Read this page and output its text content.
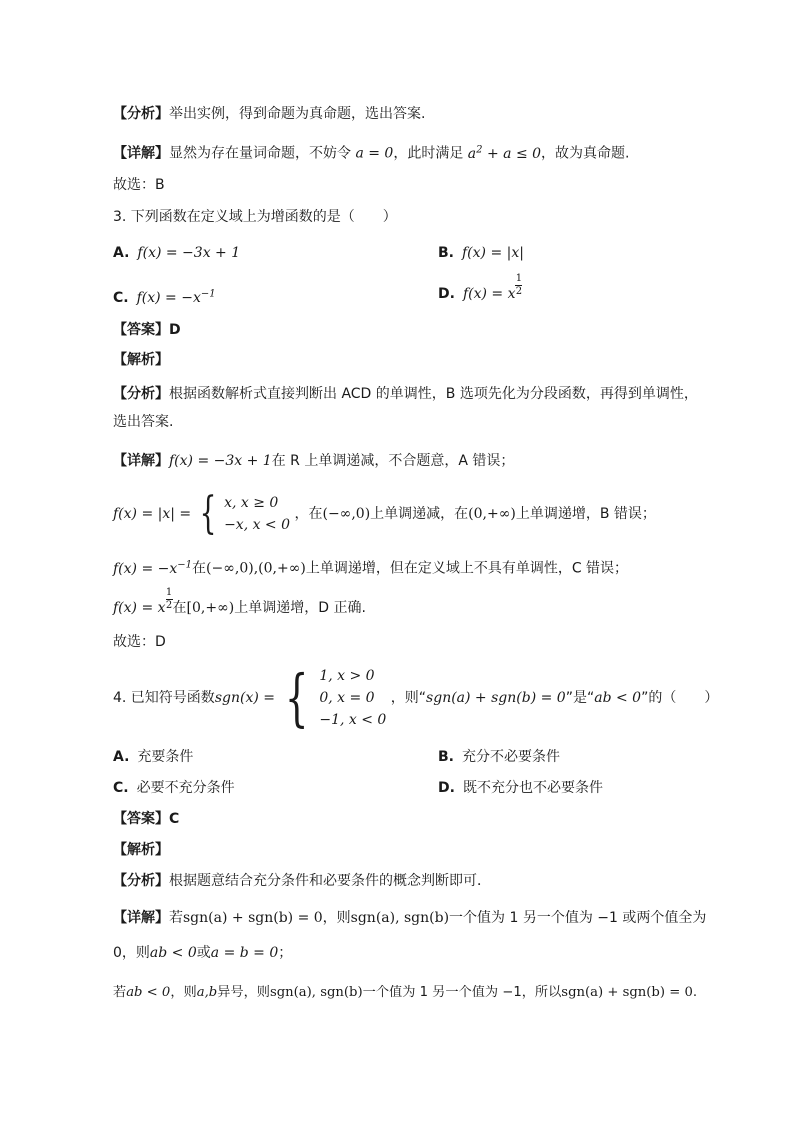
【分析】举出实例，得到命题为真命题，选出答案.
【详解】显然为存在量词命题，不妨令 a = 0，此时满足 $a^2 + a \le 0$，故为真命题.
故选：B
3. 下列函数在定义域上为增函数的是（　　）
A. f(x) = −3x + 1	B. f(x) = |x|
C. $f(x) = -x^{-1}$	D. f(x) = x $\frac{1}{2}$
【答案】D
【解析】
【分析】根据函数解析式直接判断出 ACD 的单调性，B 选项先化为分段函数，再得到单调性，
选出答案.
【详解】f(x) = −3x + 1在 R 上单调递减，不合题意，A 错误；
f(x) = |x| = { x, x ≥ 0
−x, x < 0
，在(−∞,0)上单调递减，在(0,+∞)上单调递增，B 错误；
$f(x) = -x^{-1}$在(−∞,0),(0,+∞)上单调递增，但在定义域上不具有单调性，C 错误；
f(x) = x $\frac{1}{2}$ 在[0,+∞)上单调递增，D 正确.
故选：D
4. 已知符号函数sgn(x) = { 1, x > 0
0, x = 0
−1, x < 0
，则“sgn(a) + sgn(b) = 0”是“ab < 0”的（　　）
A. 充要条件	B. 充分不必要条件
C. 必要不充分条件	D. 既不充分也不必要条件
【答案】C
【解析】
【分析】根据题意结合充分条件和必要条件的概念判断即可．
【详解】若sgn(a) + sgn(b) = 0，则sgn(a), sgn(b)一个值为 1 另一个值为 −1 或两个值全为
0，则ab < 0或a = b = 0；
若ab < 0，则a,b异号，则sgn(a), sgn(b)一个值为 1 另一个值为 −1，所以sgn(a) + sgn(b) = 0.
